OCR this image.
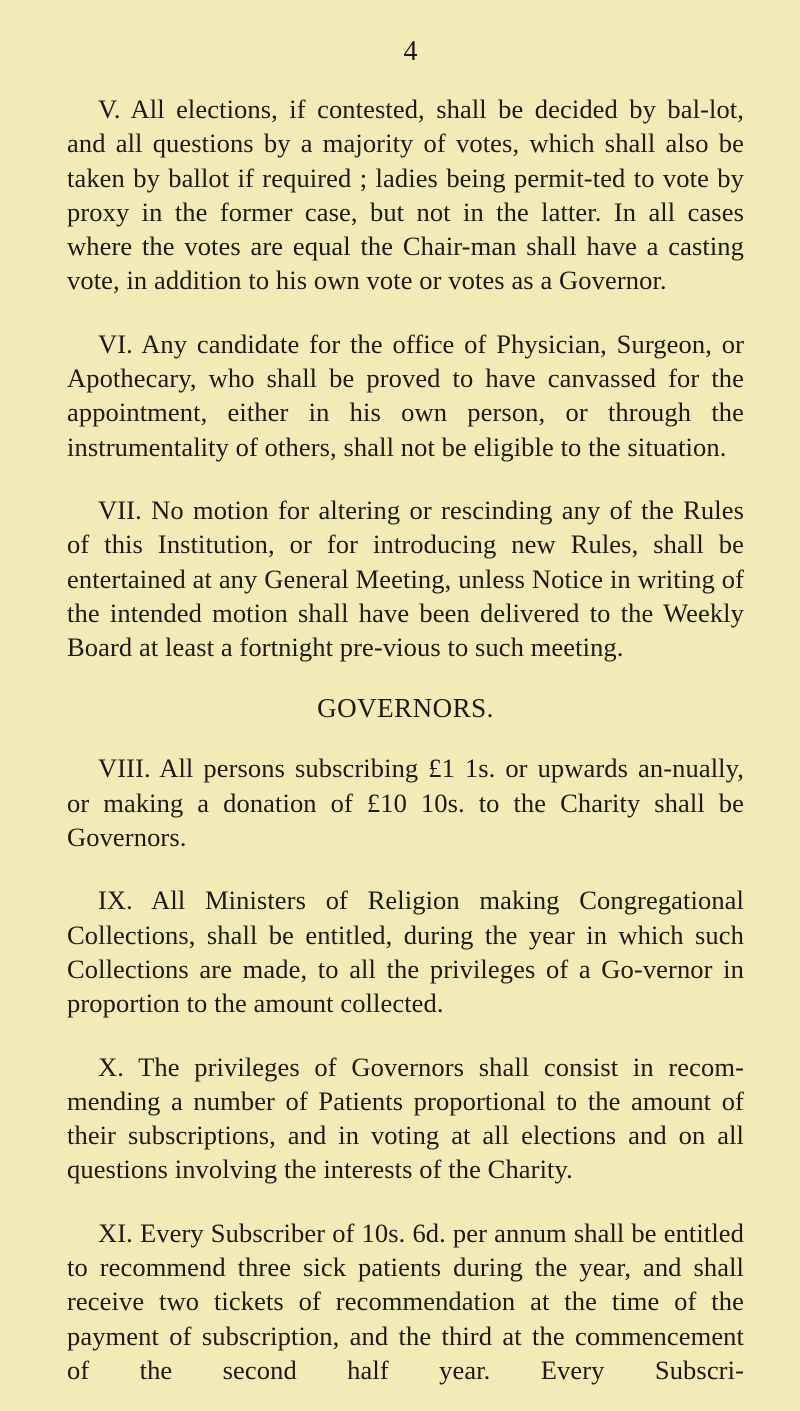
4

V. All elections, if contested, shall be decided by bal-lot, and all questions by a majority of votes, which shall also be taken by ballot if required ; ladies being permit-ted to vote by proxy in the former case, but not in the latter. In all cases where the votes are equal the Chair-man shall have a casting vote, in addition to his own vote or votes as a Governor.

VI. Any candidate for the office of Physician, Surgeon, or Apothecary, who shall be proved to have canvassed for the appointment, either in his own person, or through the instrumentality of others, shall not be eligible to the situation.

VII. No motion for altering or rescinding any of the Rules of this Institution, or for introducing new Rules, shall be entertained at any General Meeting, unless Notice in writing of the intended motion shall have been delivered to the Weekly Board at least a fortnight pre-vious to such meeting.

GOVERNORS.

VIII. All persons subscribing £1 1s. or upwards an-nually, or making a donation of £10 10s. to the Charity shall be Governors.

IX. All Ministers of Religion making Congregational Collections, shall be entitled, during the year in which such Collections are made, to all the privileges of a Go-vernor in proportion to the amount collected.

X. The privileges of Governors shall consist in recom-mending a number of Patients proportional to the amount of their subscriptions, and in voting at all elections and on all questions involving the interests of the Charity.

XI. Every Subscriber of 10s. 6d. per annum shall be entitled to recommend three sick patients during the year, and shall receive two tickets of recommendation at the time of the payment of subscription, and the third at the commencement of the second half year. Every Subscri-
